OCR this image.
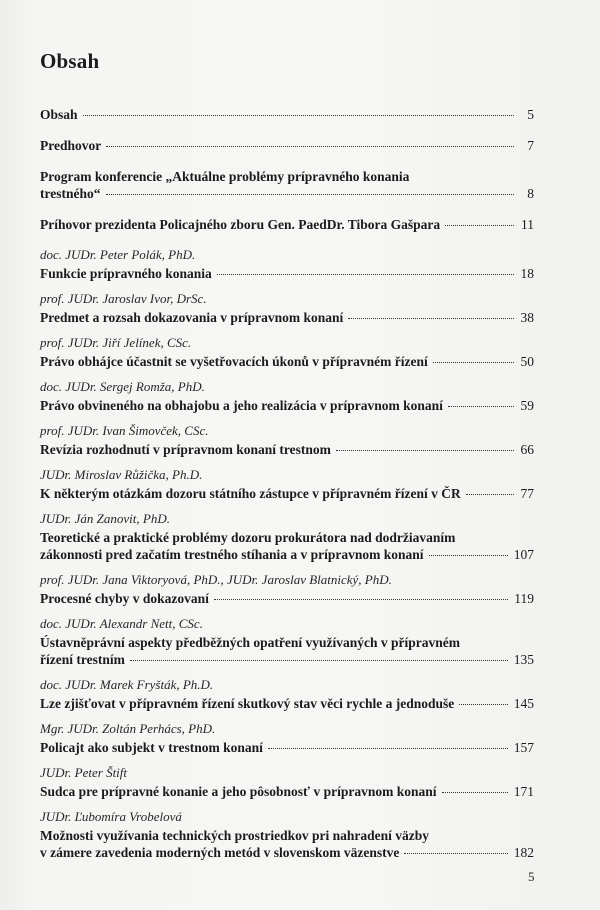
Obsah
Obsah	5
Predhovor	7
Program konferencie „Aktuálne problémy prípravného konania
trestného“	8
Príhovor prezidenta Policajného zboru Gen. PaedDr. Tibora Gašpara	11
doc. JUDr. Peter Polák, PhD.
Funkcie prípravného konania	18
prof. JUDr. Jaroslav Ivor, DrSc.
Predmet a rozsah dokazovania v prípravnom konaní	38
prof. JUDr. Jiří Jelínek, CSc.
Právo obhájce účastnit se vyšetřovacích úkonů v přípravném řízení	50
doc. JUDr. Sergej Romža, PhD.
Právo obvineného na obhajobu a jeho realizácia v prípravnom konaní	59
prof. JUDr. Ivan Šimovček, CSc.
Revízia rozhodnutí v prípravnom konaní trestnom	66
JUDr. Miroslav Růžička, Ph.D.
K některým otázkám dozoru státního zástupce v přípravném řízení v ČR	77
JUDr. Ján Zanovit, PhD.
Teoretické a praktické problémy dozoru prokurátora nad dodržiavaním
zákonnosti pred začatím trestného stíhania a v prípravnom konaní	107
prof. JUDr. Jana Viktoryová, PhD., JUDr. Jaroslav Blatnický, PhD.
Procesné chyby v dokazovaní	119
doc. JUDr. Alexandr Nett, CSc.
Ústavněprávní aspekty předběžných opatření využívaných v přípravném
řízení trestním	135
doc. JUDr. Marek Fryšták, Ph.D.
Lze zjišťovat v přípravném řízení skutkový stav věci rychle a jednoduše	145
Mgr. JUDr. Zoltán Perhács, PhD.
Policajt ako subjekt v trestnom konaní	157
JUDr. Peter Štift
Sudca pre prípravné konanie a jeho pôsobnosť v prípravnom konaní	171
JUDr. Ľubomíra Vrobelová
Možnosti využívania technických prostriedkov pri nahradení väzby
v zámere zavedenia moderných metód v slovenskom väzenstve	182
5
